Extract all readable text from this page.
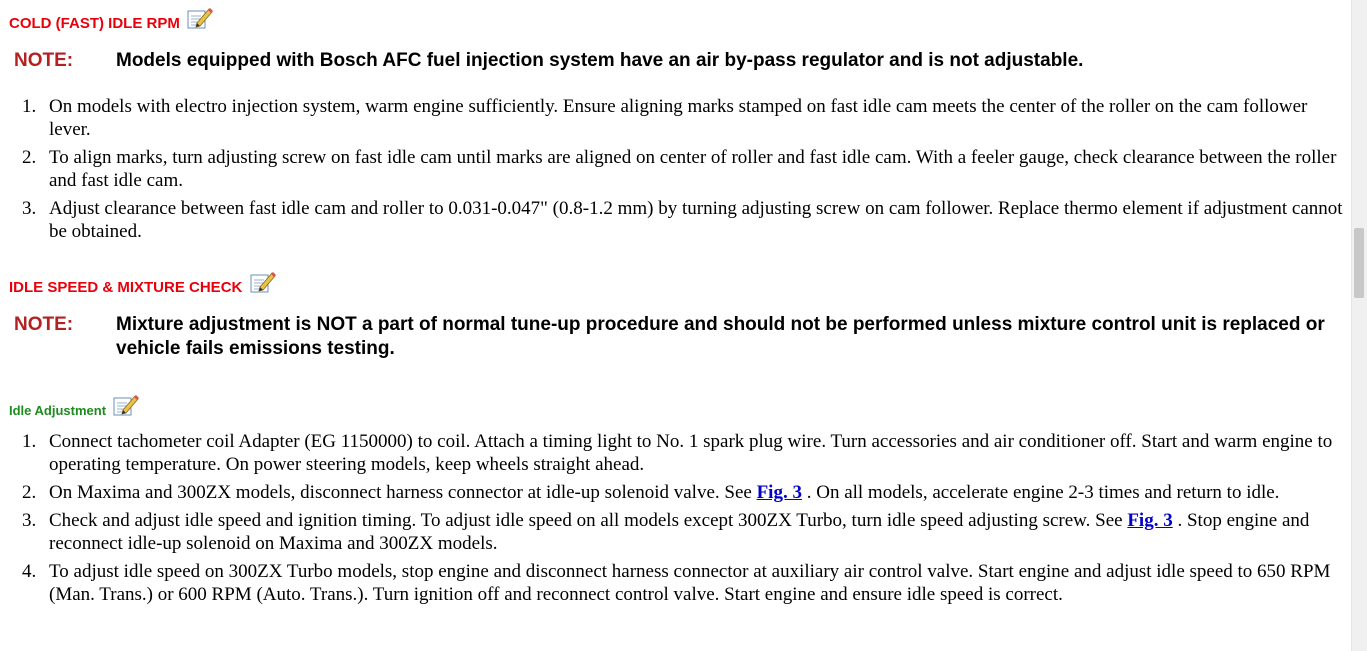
COLD (FAST) IDLE RPM
NOTE:	Models equipped with Bosch AFC fuel injection system have an air by-pass regulator and is not adjustable.
1. On models with electro injection system, warm engine sufficiently. Ensure aligning marks stamped on fast idle cam meets the center of the roller on the cam follower lever.
2. To align marks, turn adjusting screw on fast idle cam until marks are aligned on center of roller and fast idle cam. With a feeler gauge, check clearance between the roller and fast idle cam.
3. Adjust clearance between fast idle cam and roller to 0.031-0.047" (0.8-1.2 mm) by turning adjusting screw on cam follower. Replace thermo element if adjustment cannot be obtained.
IDLE SPEED & MIXTURE CHECK
NOTE:	Mixture adjustment is NOT a part of normal tune-up procedure and should not be performed unless mixture control unit is replaced or vehicle fails emissions testing.
Idle Adjustment
1. Connect tachometer coil Adapter (EG 1150000) to coil. Attach a timing light to No. 1 spark plug wire. Turn accessories and air conditioner off. Start and warm engine to operating temperature. On power steering models, keep wheels straight ahead.
2. On Maxima and 300ZX models, disconnect harness connector at idle-up solenoid valve. See Fig. 3 . On all models, accelerate engine 2-3 times and return to idle.
3. Check and adjust idle speed and ignition timing. To adjust idle speed on all models except 300ZX Turbo, turn idle speed adjusting screw. See Fig. 3 . Stop engine and reconnect idle-up solenoid on Maxima and 300ZX models.
4. To adjust idle speed on 300ZX Turbo models, stop engine and disconnect harness connector at auxiliary air control valve. Start engine and adjust idle speed to 650 RPM (Man. Trans.) or 600 RPM (Auto. Trans.). Turn ignition off and reconnect control valve. Start engine and ensure idle speed is correct.
